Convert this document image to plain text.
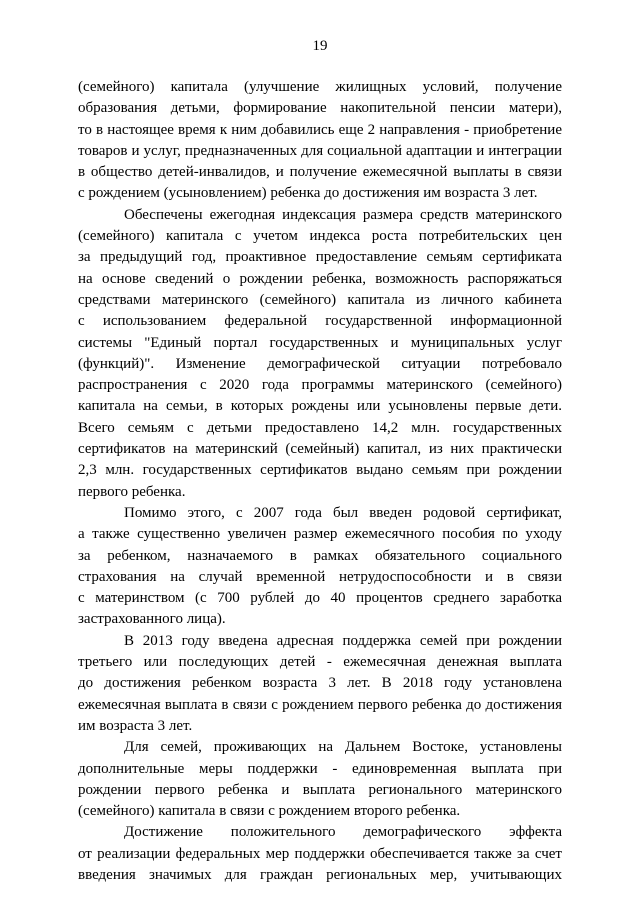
19
(семейного) капитала (улучшение жилищных условий, получение
образования детьми, формирование накопительной пенсии матери),
то в настоящее время к ним добавились еще 2 направления - приобретение
товаров и услуг, предназначенных для социальной адаптации и интеграции
в общество детей-инвалидов, и получение ежемесячной выплаты в связи
с рождением (усыновлением) ребенка до достижения им возраста 3 лет.
Обеспечены ежегодная индексация размера средств материнского
(семейного) капитала с учетом индекса роста потребительских цен
за предыдущий год, проактивное предоставление семьям сертификата
на основе сведений о рождении ребенка, возможность распоряжаться
средствами материнского (семейного) капитала из личного кабинета
с использованием федеральной государственной информационной
системы "Единый портал государственных и муниципальных услуг
(функций)". Изменение демографической ситуации потребовало
распространения с 2020 года программы материнского (семейного)
капитала на семьи, в которых рождены или усыновлены первые дети.
Всего семьям с детьми предоставлено 14,2 млн. государственных
сертификатов на материнский (семейный) капитал, из них практически
2,3 млн. государственных сертификатов выдано семьям при рождении
первого ребенка.
Помимо этого, с 2007 года был введен родовой сертификат,
а также существенно увеличен размер ежемесячного пособия по уходу
за ребенком, назначаемого в рамках обязательного социального
страхования на случай временной нетрудоспособности и в связи
с материнством (с 700 рублей до 40 процентов среднего заработка
застрахованного лица).
В 2013 году введена адресная поддержка семей при рождении
третьего или последующих детей - ежемесячная денежная выплата
до достижения ребенком возраста 3 лет. В 2018 году установлена
ежемесячная выплата в связи с рождением первого ребенка до достижения
им возраста 3 лет.
Для семей, проживающих на Дальнем Востоке, установлены
дополнительные меры поддержки - единовременная выплата при
рождении первого ребенка и выплата регионального материнского
(семейного) капитала в связи с рождением второго ребенка.
Достижение положительного демографического эффекта
от реализации федеральных мер поддержки обеспечивается также за счет
введения значимых для граждан региональных мер, учитывающих
